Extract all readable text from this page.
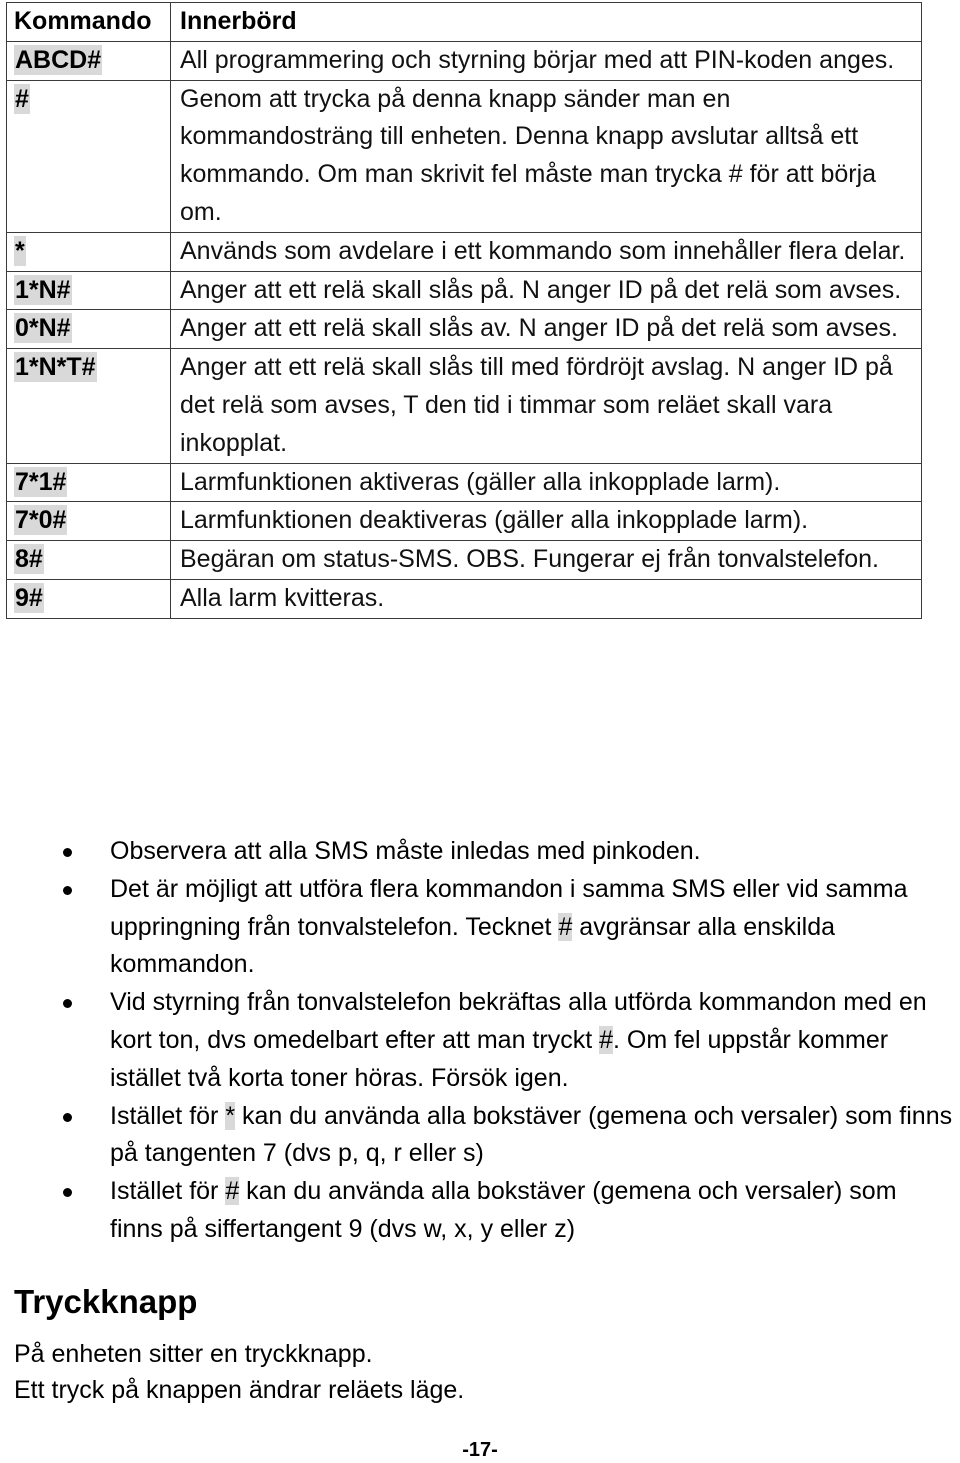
Kommando	Innerbörd
ABCD#	All programmering och styrning börjar med att PIN-koden anges.
#	Genom att trycka på denna knapp sänder man en kommandosträng till enheten. Denna knapp avslutar alltså ett kommando. Om man skrivit fel måste man trycka # för att börja om.
*	Används som avdelare i ett kommando som innehåller flera delar.
1*N#	Anger att ett relä skall slås på. N anger ID på det relä som avses.
0*N#	Anger att ett relä skall slås av. N anger ID på det relä som avses.
1*N*T#	Anger att ett relä skall slås till med fördröjt avslag. N anger ID på det relä som avses, T den tid i timmar som reläet skall vara inkopplat.
7*1#	Larmfunktionen aktiveras (gäller alla inkopplade larm).
7*0#	Larmfunktionen deaktiveras (gäller alla inkopplade larm).
8#	Begäran om status-SMS. OBS. Fungerar ej från tonvalstelefon.
9#	Alla larm kvitteras.
Observera att alla SMS måste inledas med pinkoden.
Det är möjligt att utföra flera kommandon i samma SMS eller vid samma uppringning från tonvalstelefon. Tecknet # avgränsar alla enskilda kommandon.
Vid styrning från tonvalstelefon bekräftas alla utförda kommandon med en kort ton, dvs omedelbart efter att man tryckt #. Om fel uppstår kommer istället två korta toner höras. Försök igen.
Istället för * kan du använda alla bokstäver (gemena och versaler) som finns på tangenten 7 (dvs p, q, r eller s)
Istället för # kan du använda alla bokstäver (gemena och versaler) som finns på siffertangent 9 (dvs w, x, y eller z)
Tryckknapp

På enheten sitter en tryckknapp.

Ett tryck på knappen ändrar reläets läge.

-17-
